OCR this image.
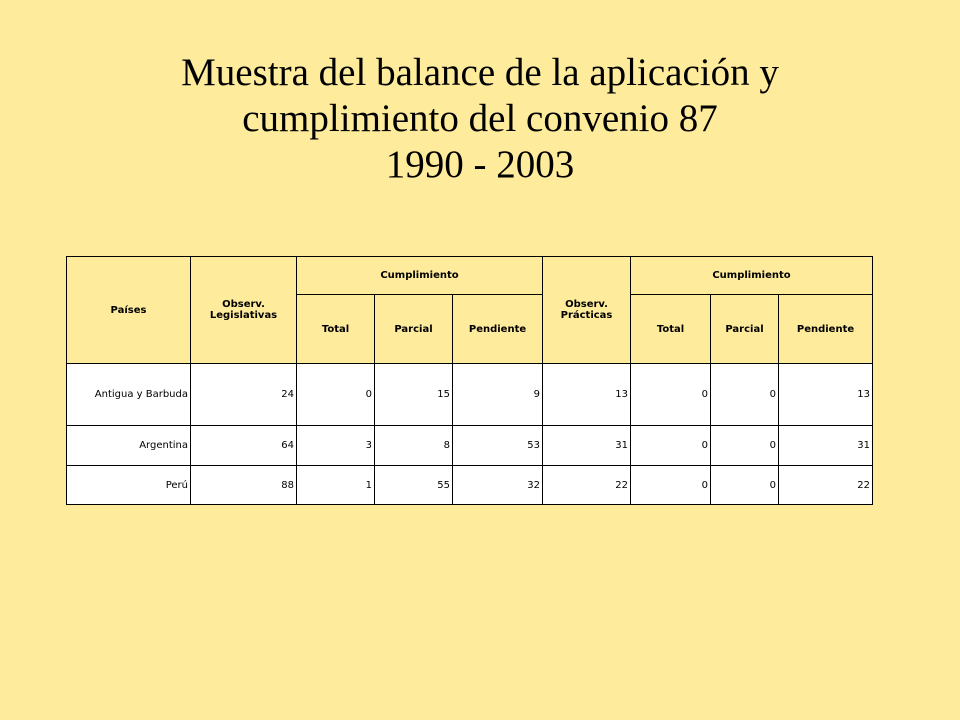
Muestra del balance de la aplicación y
cumplimiento del convenio 87
1990 - 2003
Países	Observ. Legislativas	Cumplimiento			Observ. Prácticas	Cumplimiento		
		Total	Parcial	Pendiente		Total	Parcial	Pendiente
Antigua y Barbuda	24	0	15	9	13	0	0	13
Argentina	64	3	8	53	31	0	0	31
Perú	88	1	55	32	22	0	0	22
